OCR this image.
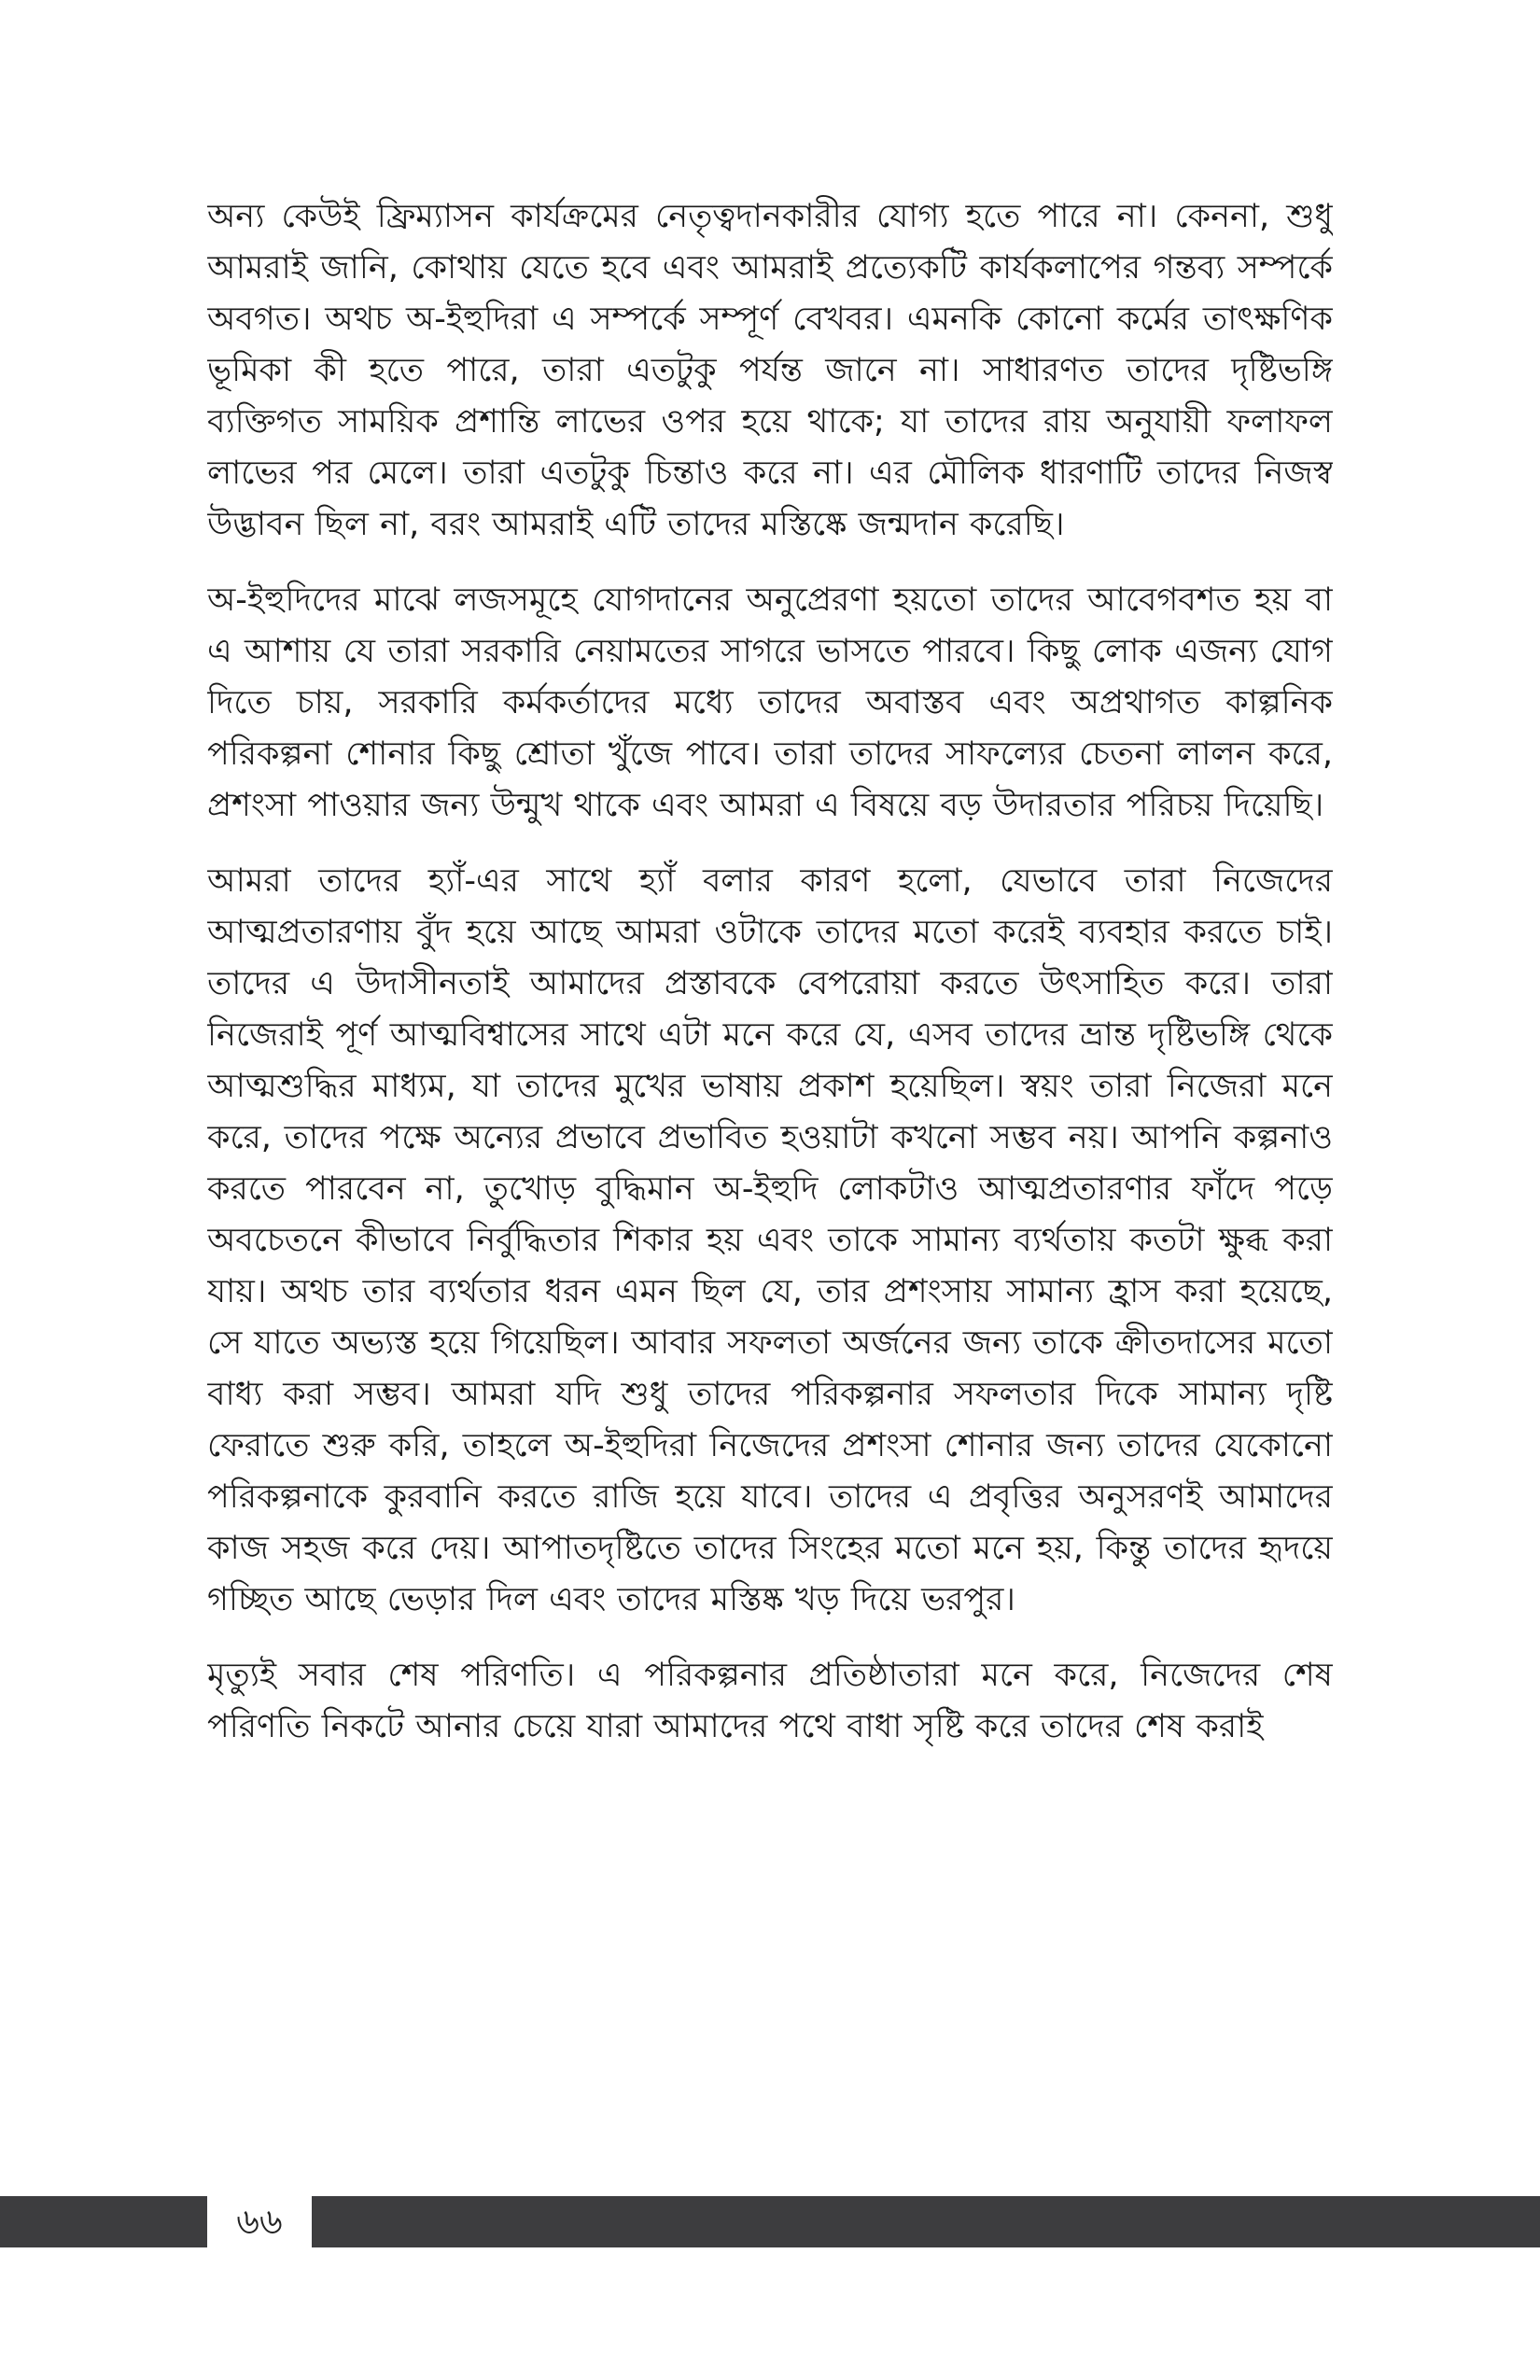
অন্য কেউই ফ্রিম্যাসন কার্যক্রমের নেতৃত্বদানকারীর যোগ্য হতে পারে না। কেননা, শুধু আমরাই জানি, কোথায় যেতে হবে এবং আমরাই প্রত্যেকটি কার্যকলাপের গন্তব্য সম্পর্কে অবগত। অথচ অ-ইহুদিরা এ সম্পর্কে সম্পূর্ণ বেখবর। এমনকি কোনো কর্মের তাৎক্ষণিক ভূমিকা কী হতে পারে, তারা এতটুকু পর্যন্ত জানে না। সাধারণত তাদের দৃষ্টিভঙ্গি ব্যক্তিগত সাময়িক প্রশান্তি লাভের ওপর হয়ে থাকে; যা তাদের রায় অনুযায়ী ফলাফল লাভের পর মেলে। তারা এতটুকু চিন্তাও করে না। এর মৌলিক ধারণাটি তাদের নিজস্ব উদ্ভাবন ছিল না, বরং আমরাই এটি তাদের মস্তিষ্কে জন্মদান করেছি।

অ-ইহুদিদের মাঝে লজসমূহে যোগদানের অনুপ্রেরণা হয়তো তাদের আবেগবশত হয় বা এ আশায় যে তারা সরকারি নেয়ামতের সাগরে ভাসতে পারবে। কিছু লোক এজন্য যোগ দিতে চায়, সরকারি কর্মকর্তাদের মধ্যে তাদের অবাস্তব এবং অপ্রথাগত কাল্পনিক পরিকল্পনা শোনার কিছু শ্রোতা খুঁজে পাবে। তারা তাদের সাফল্যের চেতনা লালন করে, প্রশংসা পাওয়ার জন্য উন্মুখ থাকে এবং আমরা এ বিষয়ে বড় উদারতার পরিচয় দিয়েছি।

আমরা তাদের হ্যাঁ-এর সাথে হ্যাঁ বলার কারণ হলো, যেভাবে তারা নিজেদের আত্মপ্রতারণায় বুঁদ হয়ে আছে আমরা ওটাকে তাদের মতো করেই ব্যবহার করতে চাই। তাদের এ উদাসীনতাই আমাদের প্রস্তাবকে বেপরোয়া করতে উৎসাহিত করে। তারা নিজেরাই পূর্ণ আত্মবিশ্বাসের সাথে এটা মনে করে যে, এসব তাদের ভ্রান্ত দৃষ্টিভঙ্গি থেকে আত্মশুদ্ধির মাধ্যম, যা তাদের মুখের ভাষায় প্রকাশ হয়েছিল। স্বয়ং তারা নিজেরা মনে করে, তাদের পক্ষে অন্যের প্রভাবে প্রভাবিত হওয়াটা কখনো সম্ভব নয়। আপনি কল্পনাও করতে পারবেন না, তুখোড় বুদ্ধিমান অ-ইহুদি লোকটাও আত্মপ্রতারণার ফাঁদে পড়ে অবচেতনে কীভাবে নির্বুদ্ধিতার শিকার হয় এবং তাকে সামান্য ব্যর্থতায় কতটা ক্ষুব্ধ করা যায়। অথচ তার ব্যর্থতার ধরন এমন ছিল যে, তার প্রশংসায় সামান্য হ্রাস করা হয়েছে, সে যাতে অভ্যস্ত হয়ে গিয়েছিল। আবার সফলতা অর্জনের জন্য তাকে ক্রীতদাসের মতো বাধ্য করা সম্ভব। আমরা যদি শুধু তাদের পরিকল্পনার সফলতার দিকে সামান্য দৃষ্টি ফেরাতে শুরু করি, তাহলে অ-ইহুদিরা নিজেদের প্রশংসা শোনার জন্য তাদের যেকোনো পরিকল্পনাকে কুরবানি করতে রাজি হয়ে যাবে। তাদের এ প্রবৃত্তির অনুসরণই আমাদের কাজ সহজ করে দেয়। আপাতদৃষ্টিতে তাদের সিংহের মতো মনে হয়, কিন্তু তাদের হৃদয়ে গচ্ছিত আছে ভেড়ার দিল এবং তাদের মস্তিষ্ক খড় দিয়ে ভরপুর।

মৃত্যুই সবার শেষ পরিণতি। এ পরিকল্পনার প্রতিষ্ঠাতারা মনে করে, নিজেদের শেষ পরিণতি নিকটে আনার চেয়ে যারা আমাদের পথে বাধা সৃষ্টি করে তাদের শেষ করাই

৬৬
